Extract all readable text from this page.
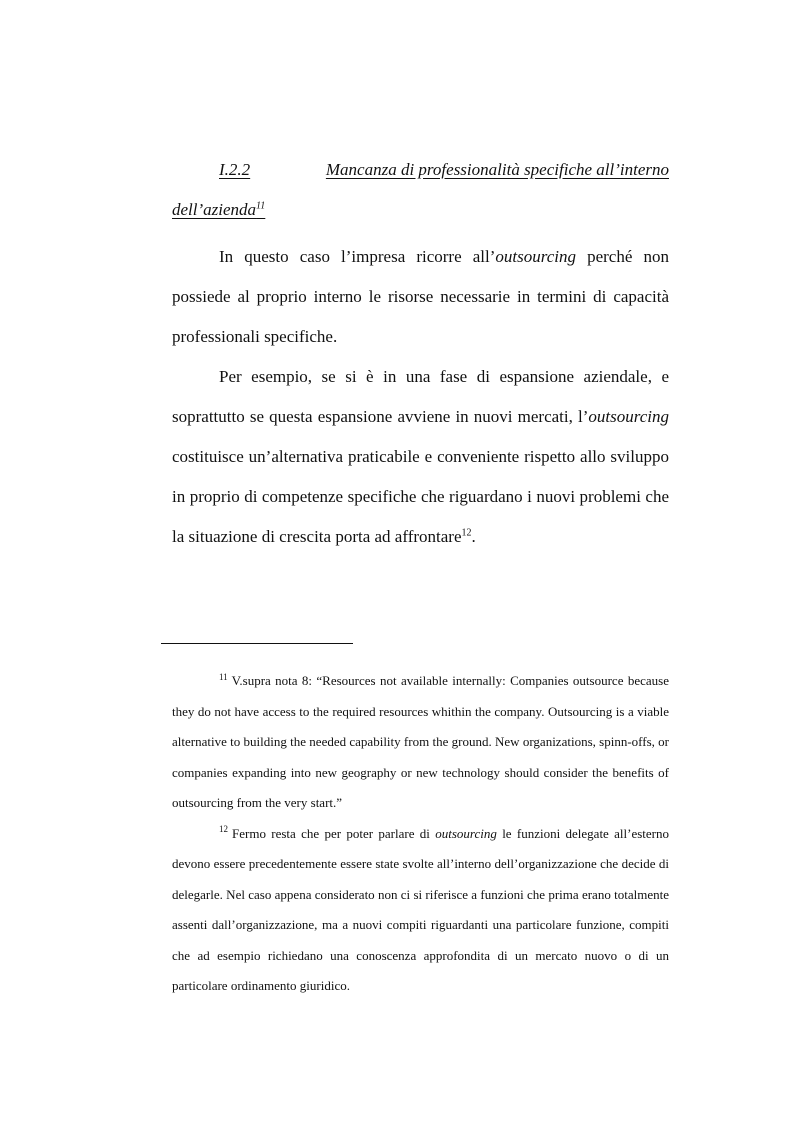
I.2.2	Mancanza di professionalità specifiche all’interno
dell’azienda$^{11}$

In questo caso l’impresa ricorre all’outsourcing perché non possiede al proprio interno le risorse necessarie in termini di capacità professionali specifiche.

Per esempio, se si è in una fase di espansione aziendale, e soprattutto se questa espansione avviene in nuovi mercati, l’outsourcing costituisce un’alternativa praticabile e conveniente rispetto allo sviluppo in proprio di competenze specifiche che riguardano i nuovi problemi che la situazione di crescita porta ad affrontare$^{12}$.

$^{11}$ V.supra nota 8: “Resources not available internally: Companies outsource because they do not have access to the required resources whithin the company. Outsourcing is a viable alternative to building the needed capability from the ground. New organizations, spinn-offs, or companies expanding into new geography or new technology should consider the benefits of outsourcing from the very start.”

$^{12}$ Fermo resta che per poter parlare di outsourcing le funzioni delegate all’esterno devono essere precedentemente essere state svolte all’interno dell’organizzazione che decide di delegarle. Nel caso appena considerato non ci si riferisce a funzioni che prima erano totalmente assenti dall’organizzazione, ma a nuovi compiti riguardanti una particolare funzione, compiti che ad esempio richiedano una conoscenza approfondita di un mercato nuovo o di un particolare ordinamento giuridico.
